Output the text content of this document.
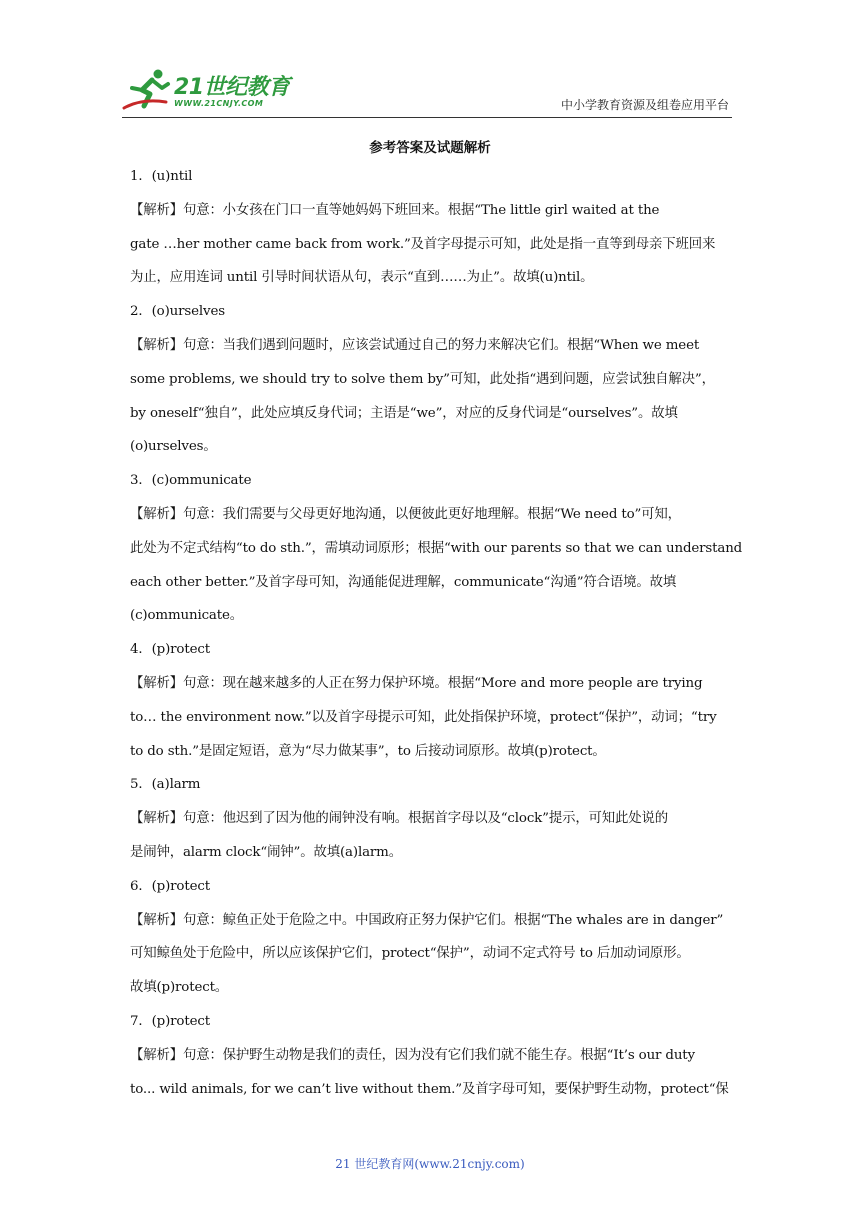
21世纪教育
WWW.21CNJY.COM	中小学教育资源及组卷应用平台
参考答案及试题解析
1．(u)ntil
【解析】句意：小女孩在门口一直等她妈妈下班回来。根据“The little girl waited at the
gate …her mother came back from work.”及首字母提示可知，此处是指一直等到母亲下班回来
为止，应用连词 until 引导时间状语从句，表示“直到……为止”。故填(u)ntil。
2．(o)urselves
【解析】句意：当我们遇到问题时，应该尝试通过自己的努力来解决它们。根据“When we meet
some problems, we should try to solve them by”可知，此处指“遇到问题，应尝试独自解决”，
by oneself“独自”，此处应填反身代词；主语是“we”，对应的反身代词是“ourselves”。故填
(o)urselves。
3．(c)ommunicate
【解析】句意：我们需要与父母更好地沟通，以便彼此更好地理解。根据“We need to”可知，
此处为不定式结构“to do sth.”，需填动词原形；根据“with our parents so that we can understand
each other better.”及首字母可知，沟通能促进理解，communicate“沟通”符合语境。故填
(c)ommunicate。
4．(p)rotect
【解析】句意：现在越来越多的人正在努力保护环境。根据“More and more people are trying
to… the environment now.”以及首字母提示可知，此处指保护环境，protect“保护”，动词；“try
to do sth.”是固定短语，意为“尽力做某事”，to 后接动词原形。故填(p)rotect。
5．(a)larm
【解析】句意：他迟到了因为他的闹钟没有响。根据首字母以及“clock”提示，可知此处说的
是闹钟，alarm clock“闹钟”。故填(a)larm。
6．(p)rotect
【解析】句意：鲸鱼正处于危险之中。中国政府正努力保护它们。根据“The whales are in danger”
可知鲸鱼处于危险中，所以应该保护它们，protect“保护”，动词不定式符号 to 后加动词原形。
故填(p)rotect。
7．(p)rotect
【解析】句意：保护野生动物是我们的责任，因为没有它们我们就不能生存。根据“It’s our duty
to... wild animals, for we can’t live without them.”及首字母可知，要保护野生动物，protect“保
21 世纪教育网(www.21cnjy.com)
